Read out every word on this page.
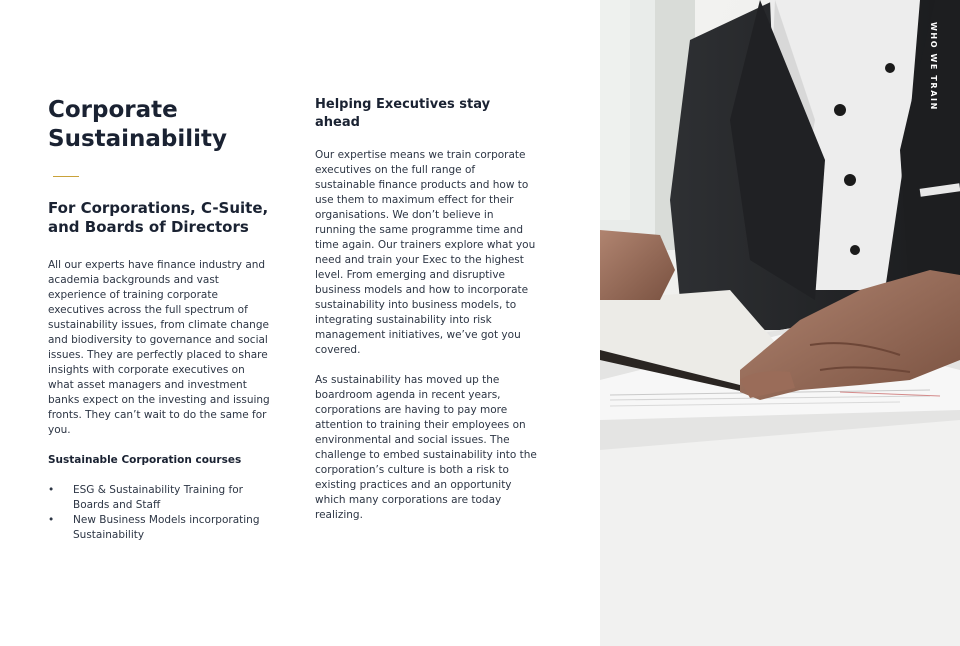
Corporate Sustainability
For Corporations, C-Suite, and Boards of Directors

All our experts have finance industry and academia backgrounds and vast experience of training corporate executives across the full spectrum of sustainability issues, from climate change and biodiversity to governance and social issues. They are perfectly placed to share insights with corporate executives on what asset managers and investment banks expect on the investing and issuing fronts. They can’t wait to do the same for you.

Sustainable Corporation courses
• ESG & Sustainability Training for Boards and Staff
• New Business Models incorporating Sustainability
Helping Executives stay ahead

Our expertise means we train corporate executives on the full range of sustainable finance products and how to use them to maximum effect for their organisations. We don’t believe in running the same programme time and time again. Our trainers explore what you need and train your Exec to the highest level. From emerging and disruptive business models and how to incorporate sustainability into business models, to integrating sustainability into risk management initiatives, we’ve got you covered.

As sustainability has moved up the boardroom agenda in recent years, corporations are having to pay more attention to training their employees on environmental and social issues. The challenge to embed sustainability into the corporation’s culture is both a risk to existing practices and an opportunity which many corporations are today realizing.

WHO WE TRAIN
